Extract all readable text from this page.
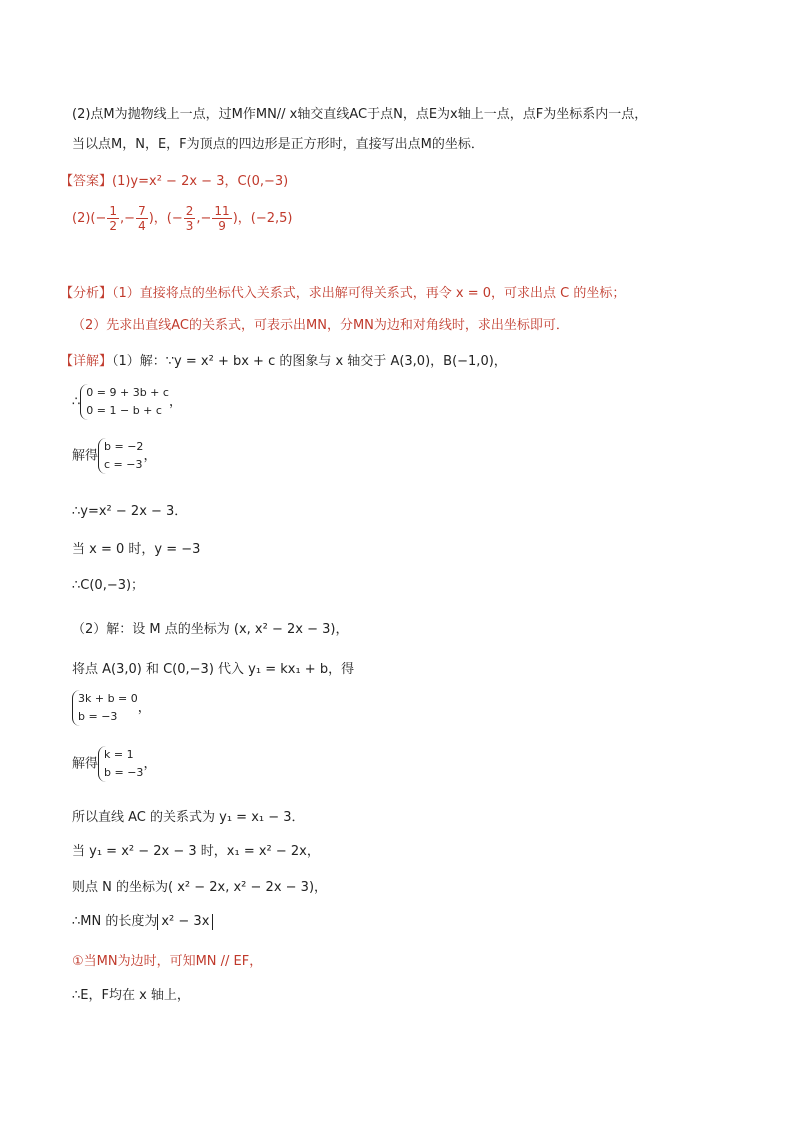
(2)点M为抛物线上一点，过M作MN// x轴交直线AC于点N，点E为x轴上一点，点F为坐标系内一点，
当以点M，N，E，F为顶点的四边形是正方形时，直接写出点M的坐标．
【答案】(1)y=x² − 2x − 3，C(0,−3)
$(2)(- \frac{1}{2}$ ,− $\frac{7}{4}$ )，(− $\frac{2}{3}$ ,− $\frac{11}{9}$ )，(−2,5)
【分析】（1）直接将点的坐标代入关系式，求出解可得关系式，再令 x = 0，可求出点 C 的坐标；
（2）先求出直线AC的关系式，可表示出MN，分MN为边和对角线时，求出坐标即可．
【详解】（1）解：∵y = x² + bx + c 的图象与 x 轴交于 A(3,0)，B(−1,0)，
∴
0 = 9 + 3b + c
0 = 1 − b + c
，
解得
b = −2
c = −3
，
∴y=x² − 2x − 3．
当 x = 0 时，y = −3
∴C(0,−3)；
（2）解：设 M 点的坐标为 (x, x² − 2x − 3)，
将点 A(3,0) 和 C(0,−3) 代入 y₁ = kx₁ + b，得
3k + b = 0
b = −3
，
解得
k = 1
b = −3
，
所以直线 AC 的关系式为 y₁ = x₁ − 3．
当 y₁ = x² − 2x − 3 时，x₁ = x² − 2x，
则点 N 的坐标为( x² − 2x, x² − 2x − 3)，
∴MN 的长度为 x² − 3x
①当MN为边时，可知MN // EF，
∴E，F均在 x 轴上，
